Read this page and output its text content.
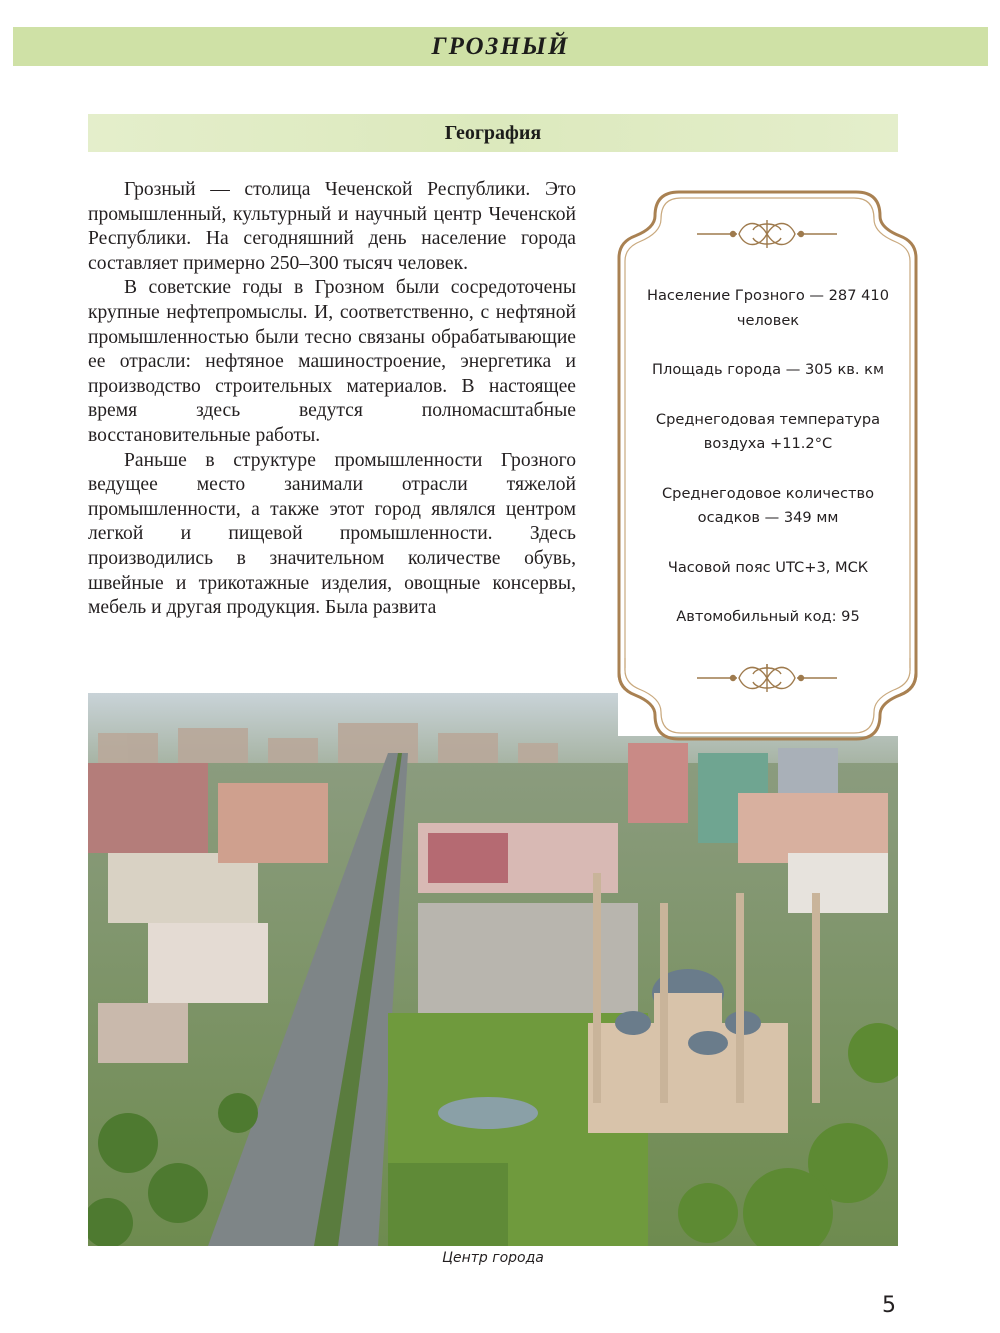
ГРОЗНЫЙ
География

Грозный — столица Чеченской Республики. Это промышленный, культурный и научный центр Чеченской Республики. На сегодняшний день население города составляет примерно 250–300 тысяч человек.

В советские годы в Грозном были сосредоточены крупные нефтепромыслы. И, соответственно, с нефтяной промышленностью были тесно связаны обрабатывающие ее отрасли: нефтяное машиностроение, энергетика и производство строительных материалов. В настоящее время здесь ведутся полномасштабные восстановительные работы.

Раньше в структуре промышленности Грозного ведущее место занимали отрасли тяжелой промышленности, а также этот город являлся центром легкой и пищевой промышленности. Здесь производились в значительном количестве обувь, швейные и трикотажные изделия, овощные консервы, мебель и другая продукция. Была развита

Население Грозного — 287 410 человек
Площадь города — 305 кв. км
Среднегодовая температура воздуха +11.2°C
Среднегодовое количество осадков — 349 мм
Часовой пояс UTC+3, МСК
Автомобильный код: 95
Центр города
5
